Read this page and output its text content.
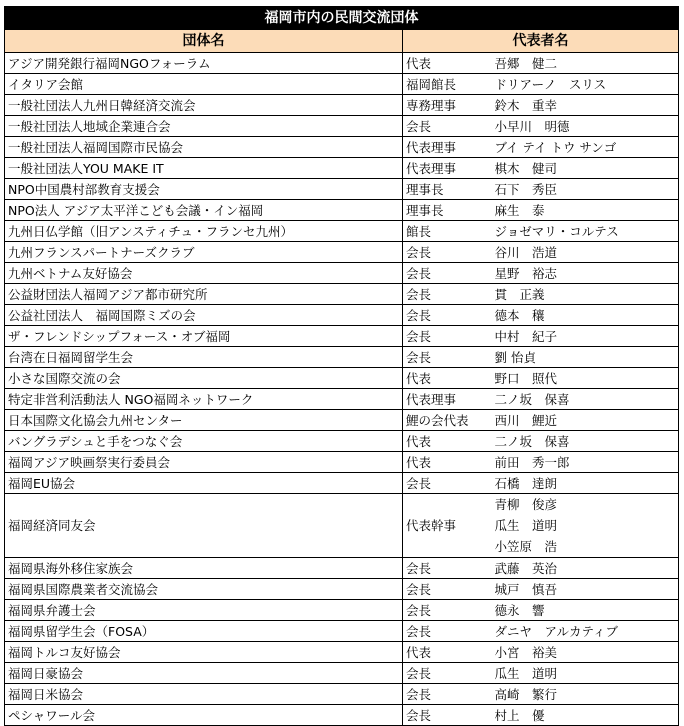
福岡市内の民間交流団体		
団体名	代表者名	
アジア開発銀行福岡NGOフォーラム	代表	吾郷　健二
イタリア会館	福岡館長	ドリアーノ　スリス
一般社団法人九州日韓経済交流会	専務理事	鈴木　重幸
一般社団法人地域企業連合会	会長	小早川　明德
一般社団法人福岡国際市民協会	代表理事	ブイ テイ トウ サンゴ
一般社団法人YOU MAKE IT	代表理事	棋木　健司
NPO中国農村部教育支援会	理事長	石下　秀臣
NPO法人 アジア太平洋こども会議・イン福岡	理事長	麻生　泰
九州日仏学館（旧アンスティチュ・フランセ九州）	館長	ジョゼマリ・コルテス
九州フランスパートナーズクラブ	会長	谷川　浩道
九州ベトナム友好協会	会長	星野　裕志
公益財団法人福岡アジア都市研究所	会長	貫　正義
公益社団法人　福岡国際ミズの会	会長	德本　穰
ザ・フレンドシップフォース・オブ福岡	会長	中村　紀子
台湾在日福岡留学生会	会長	劉 怡貞
小さな国際交流の会	代表	野口　照代
特定非営利活動法人 NGO福岡ネットワーク	代表理事	二ノ坂　保喜
日本国際文化協会九州センター	鯉の会代表	西川　鯉近
バングラデシュと手をつなぐ会	代表	二ノ坂　保喜
福岡アジア映画祭実行委員会	代表	前田　秀一郎
福岡EU協会	会長	石橋　達朗
福岡経済同友会	代表幹事	青柳　俊彦
瓜生　道明
小笠原　浩

福岡県海外移住家族会	会長	武藤　英治
福岡県国際農業者交流協会	会長	城戸　慎吾
福岡県弁護士会	会長	德永　響
福岡県留学生会（FOSA）	会長	ダニヤ　アルカティブ
福岡トルコ友好協会	代表	小宮　裕美
福岡日豪協会	会長	瓜生　道明
福岡日米協会	会長	高崎　繁行
ペシャワール会	会長	村上　優
